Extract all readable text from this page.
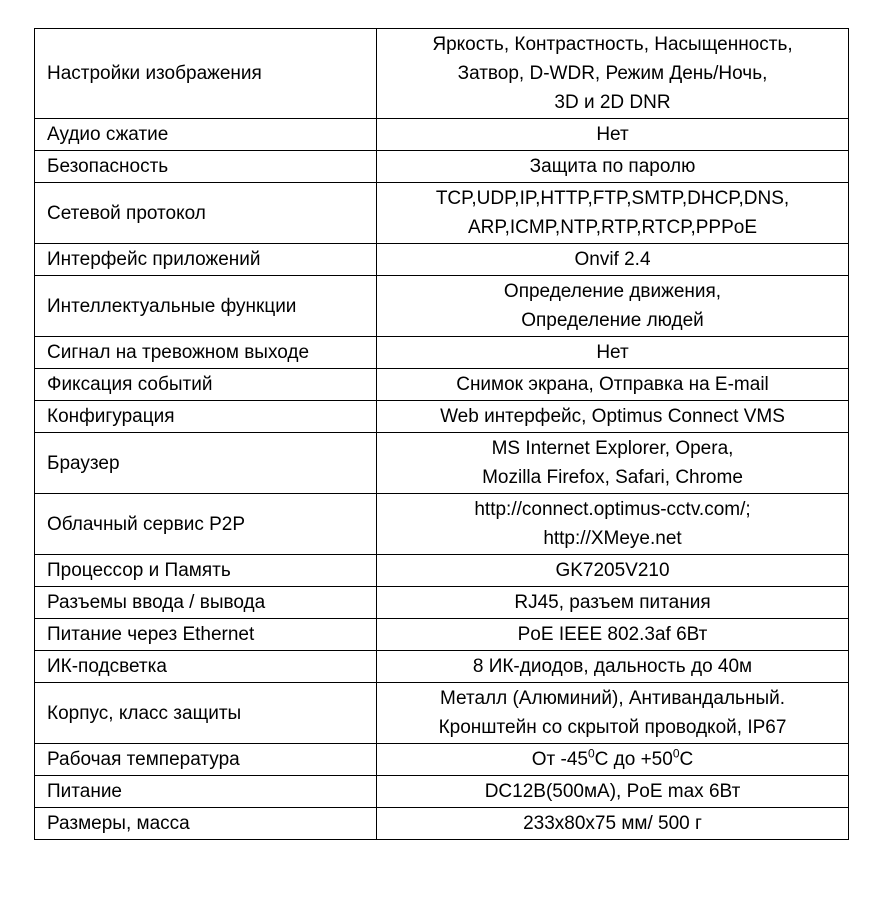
Настройки изображения	Яркость, Контрастность, Насыщенность,
Затвор, D-WDR, Режим День/Ночь,
3D и 2D DNR

Аудио сжатие	Нет

Безопасность	Защита по паролю

Сетевой протокол	TCP,UDP,IP,HTTP,FTP,SMTP,DHCP,DNS,
ARP,ICMP,NTP,RTP,RTCP,PPPoE

Интерфейс приложений	Onvif 2.4

Интеллектуальные функции	Определение движения,
Определение людей

Сигнал на тревожном выходе	Нет

Фиксация событий	Снимок экрана, Отправка на E-mail

Конфигурация	Web интерфейс, Optimus Connect VMS

Браузер	MS Internet Explorer, Opera,
Mozilla Firefox, Safari, Chrome

Облачный сервис P2P	http://connect.optimus-cctv.com/;
http://XMeye.net

Процессор и Память	GK7205V210

Разъемы ввода / вывода	RJ45, разъем питания

Питание через Ethernet	PoE IEEE 802.3af 6Вт

ИК-подсветка	8 ИК-диодов, дальность до 40м

Корпус, класс защиты	Металл (Алюминий), Антивандальный.
Кронштейн со скрытой проводкой, IP67

Рабочая температура	От $-45^0C$ до $+50^0C$
Питание	DC12В(500мА), PoE max 6Вт

Размеры, масса	233x80x75 мм/ 500 г
